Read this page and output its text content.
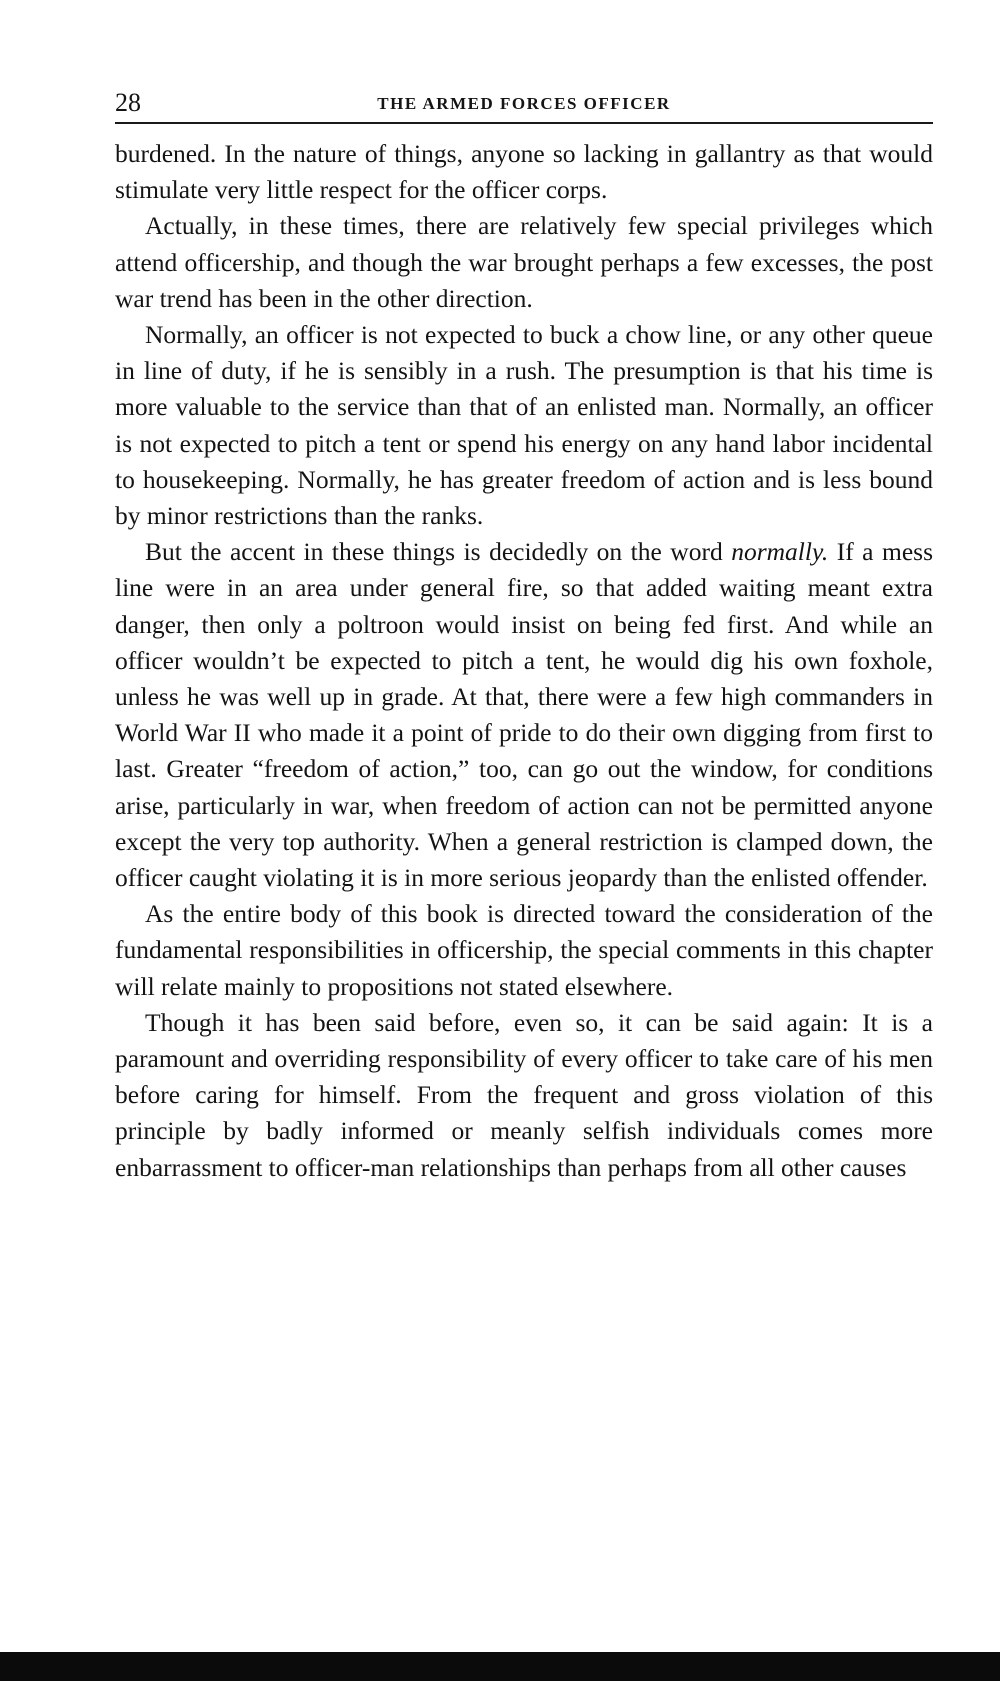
28	THE ARMED FORCES OFFICER

burdened. In the nature of things, anyone so lacking in gallantry as that would stimulate very little respect for the officer corps.

Actually, in these times, there are relatively few special privileges which attend officership, and though the war brought perhaps a few excesses, the post war trend has been in the other direction.

Normally, an officer is not expected to buck a chow line, or any other queue in line of duty, if he is sensibly in a rush. The presumption is that his time is more valuable to the service than that of an enlisted man. Normally, an officer is not expected to pitch a tent or spend his energy on any hand labor incidental to housekeeping. Normally, he has greater freedom of action and is less bound by minor restrictions than the ranks.

But the accent in these things is decidedly on the word normally. If a mess line were in an area under general fire, so that added waiting meant extra danger, then only a poltroon would insist on being fed first. And while an officer wouldn’t be expected to pitch a tent, he would dig his own foxhole, unless he was well up in grade. At that, there were a few high commanders in World War II who made it a point of pride to do their own digging from first to last. Greater “freedom of action,” too, can go out the window, for conditions arise, particularly in war, when freedom of action can not be permitted anyone except the very top authority. When a general restriction is clamped down, the officer caught violating it is in more serious jeopardy than the enlisted offender.

As the entire body of this book is directed toward the consideration of the fundamental responsibilities in officership, the special comments in this chapter will relate mainly to propositions not stated elsewhere.

Though it has been said before, even so, it can be said again: It is a paramount and overriding responsibility of every officer to take care of his men before caring for himself. From the frequent and gross violation of this principle by badly informed or meanly selfish individuals comes more enbarrassment to officer-man relationships than perhaps from all other causes
